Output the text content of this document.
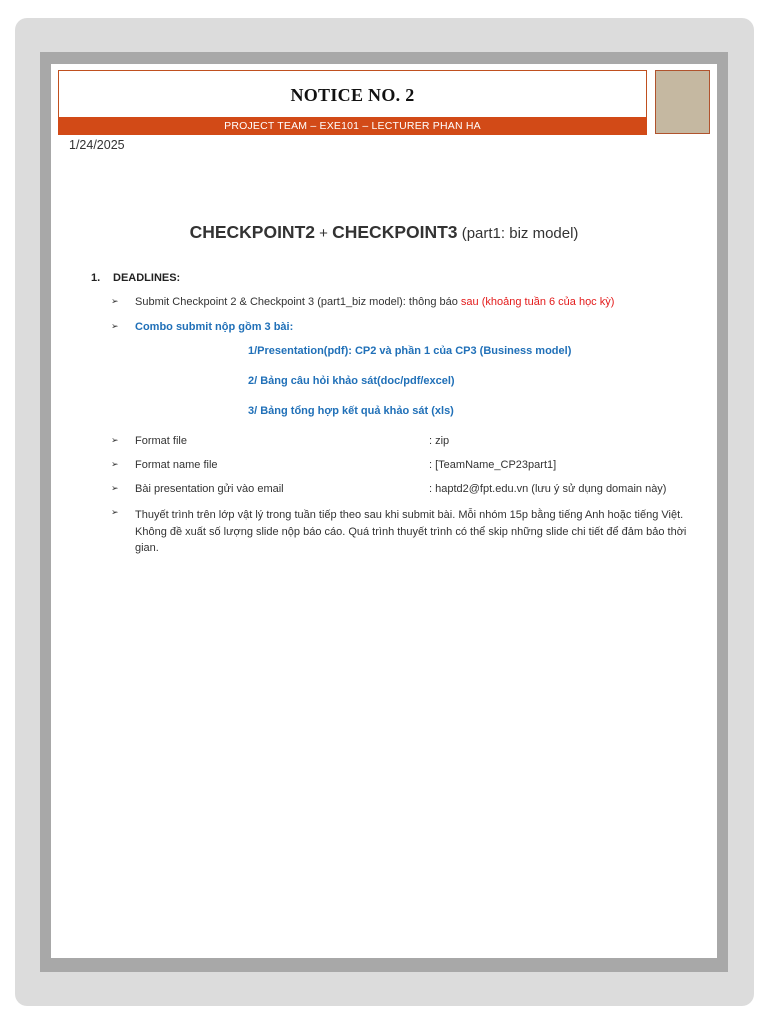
NOTICE NO. 2
PROJECT TEAM – EXE101 – LECTURER PHAN HA
1/24/2025
CHECKPOINT2 + CHECKPOINT3 (part1: biz model)
1. DEADLINES:
➢ Submit Checkpoint 2 & Checkpoint 3 (part1_biz model): thông báo sau (khoảng tuần 6 của học kỳ)
➢ Combo submit nộp gồm 3 bài:
1/Presentation(pdf): CP2 và phần 1 của CP3 (Business model)
2/ Bảng câu hỏi khảo sát(doc/pdf/excel)
3/ Bảng tổng hợp kết quả khảo sát (xls)
➢ Format file	: zip
➢ Format name file	: [TeamName_CP23part1]
➢ Bài presentation gửi vào email	: haptd2@fpt.edu.vn (lưu ý sử dụng domain này)
➢ Thuyết trình trên lớp vật lý trong tuần tiếp theo sau khi submit bài. Mỗi nhóm 15p bằng tiếng Anh hoặc tiếng Việt. Không đề xuất số lượng slide nộp báo cáo. Quá trình thuyết trình có thể skip những slide chi tiết để đảm bảo thời gian.
